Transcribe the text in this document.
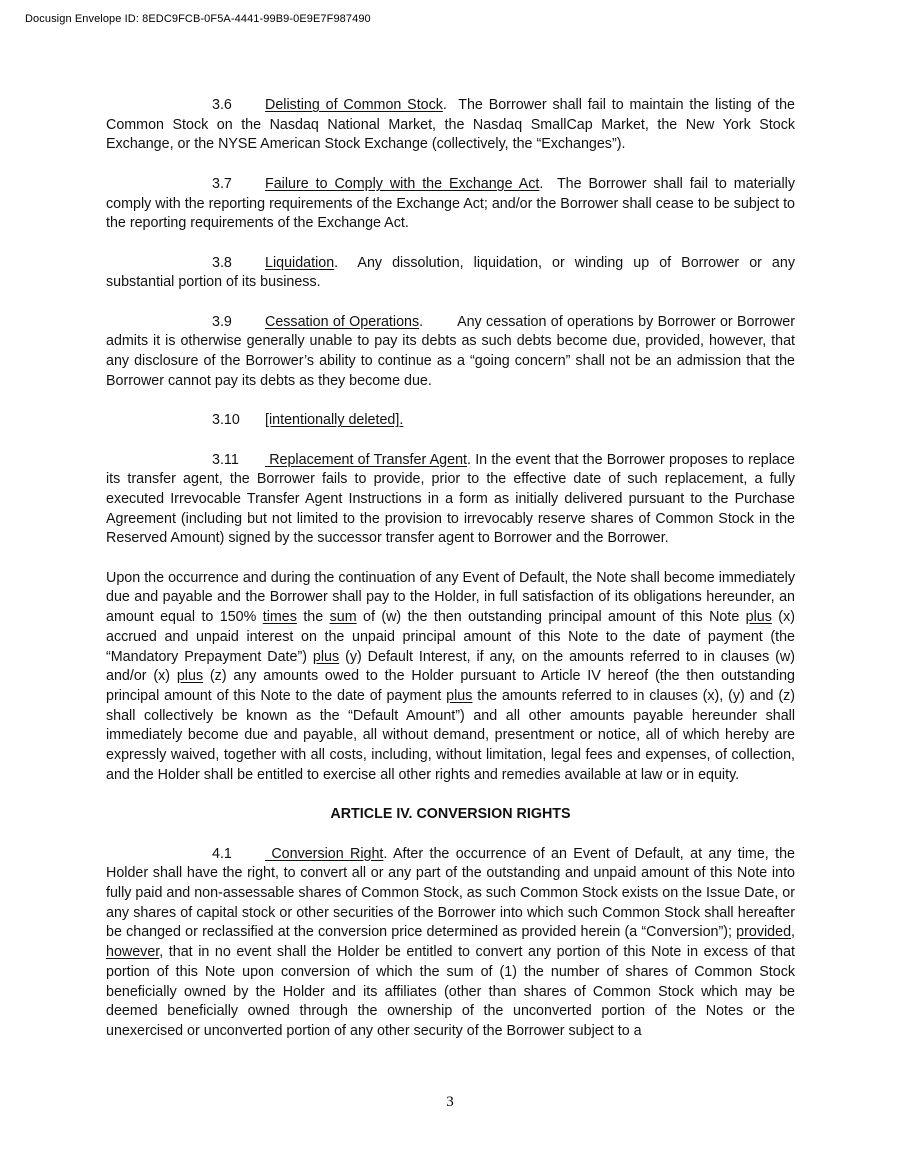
Docusign Envelope ID: 8EDC9FCB-0F5A-4441-99B9-0E9E7F987490

3.6 Delisting of Common Stock.  The Borrower shall fail to maintain the listing of the Common Stock on the Nasdaq National Market, the Nasdaq SmallCap Market, the New York Stock Exchange, or the NYSE American Stock Exchange (collectively, the “Exchanges”).

3.7 Failure to Comply with the Exchange Act.  The Borrower shall fail to materially comply with the reporting requirements of the Exchange Act; and/or the Borrower shall cease to be subject to the reporting requirements of the Exchange Act.

3.8 Liquidation.  Any dissolution, liquidation, or winding up of Borrower or any substantial portion of its business.

3.9 Cessation of Operations.        Any cessation of operations by Borrower or Borrower admits it is otherwise generally unable to pay its debts as such debts become due, provided, however, that any disclosure of the Borrower’s ability to continue as a “going concern” shall not be an admission that the Borrower cannot pay its debts as they become due.

3.10 [intentionally deleted].

3.11 Replacement of Transfer Agent. In the event that the Borrower proposes to replace its transfer agent, the Borrower fails to provide, prior to the effective date of such replacement, a fully executed Irrevocable Transfer Agent Instructions in a form as initially delivered pursuant to the Purchase Agreement (including but not limited to the provision to irrevocably reserve shares of Common Stock in the Reserved Amount) signed by the successor transfer agent to Borrower and the Borrower.

Upon the occurrence and during the continuation of any Event of Default, the Note shall become immediately due and payable and the Borrower shall pay to the Holder, in full satisfaction of its obligations hereunder, an amount equal to 150% times the sum of (w) the then outstanding principal amount of this Note plus (x) accrued and unpaid interest on the unpaid principal amount of this Note to the date of payment (the “Mandatory Prepayment Date”) plus (y) Default Interest, if any, on the amounts referred to in clauses (w) and/or (x) plus (z) any amounts owed to the Holder pursuant to Article IV hereof (the then outstanding principal amount of this Note to the date of payment plus the amounts referred to in clauses (x), (y) and (z) shall collectively be known as the “Default Amount”) and all other amounts payable hereunder shall immediately become due and payable, all without demand, presentment or notice, all of which hereby are expressly waived, together with all costs, including, without limitation, legal fees and expenses, of collection, and the Holder shall be entitled to exercise all other rights and remedies available at law or in equity.

ARTICLE IV. CONVERSION RIGHTS

4.1 Conversion Right. After the occurrence of an Event of Default, at any time, the Holder shall have the right, to convert all or any part of the outstanding and unpaid amount of this Note into fully paid and non-assessable shares of Common Stock, as such Common Stock exists on the Issue Date, or any shares of capital stock or other securities of the Borrower into which such Common Stock shall hereafter be changed or reclassified at the conversion price determined as provided herein (a “Conversion”); provided, however, that in no event shall the Holder be entitled to convert any portion of this Note in excess of that portion of this Note upon conversion of which the sum of (1) the number of shares of Common Stock beneficially owned by the Holder and its affiliates (other than shares of Common Stock which may be deemed beneficially owned through the ownership of the unconverted portion of the Notes or the unexercised or unconverted portion of any other security of the Borrower subject to a

3
